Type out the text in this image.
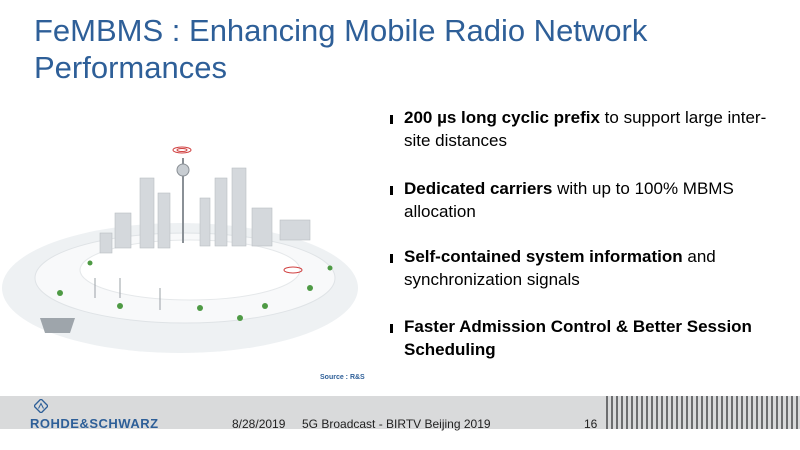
FeMBMS : Enhancing Mobile Radio Network Performances
200 µs long cyclic prefix to support large inter-site distances
Dedicated carriers with up to 100% MBMS allocation
Self-contained system information and synchronization signals
Faster Admission Control & Better Session Scheduling
Source : R&S
ROHDE&SCHWARZ	8/28/2019 5G Broadcast - BIRTV Beijing 2019	16
